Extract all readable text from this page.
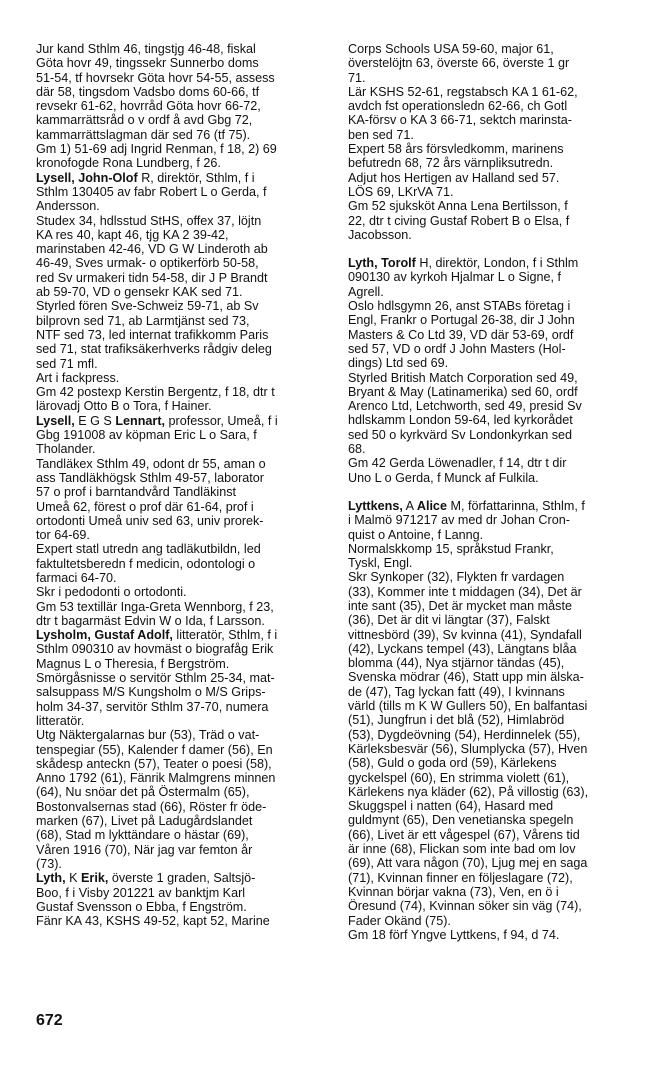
Jur kand Sthlm 46, tingstjg 46-48, fiskal
Göta hovr 49, tingssekr Sunnerbo doms
51-54, tf hovrsekr Göta hovr 54-55, assess
där 58, tingsdom Vadsbo doms 60-66, tf
revsekr 61-62, hovrråd Göta hovr 66-72,
kammarrättsråd o v ordf å avd Gbg 72,
kammarrättslagman där sed 76 (tf 75).
Gm 1) 51-69 adj Ingrid Renman, f 18, 2) 69
kronofogde Rona Lundberg, f 26.
Lysell, John-Olof R, direktör, Sthlm, f i
Sthlm 130405 av fabr Robert L o Gerda, f
Andersson.
Studex 34, hdlsstud StHS, offex 37, löjtn
KA res 40, kapt 46, tjg KA 2 39-42,
marinstaben 42-46, VD G W Linderoth ab
46-49, Sves urmak- o optikerförb 50-58,
red Sv urmakeri tidn 54-58, dir J P Brandt
ab 59-70, VD o gensekr KAK sed 71.
Styrled fören Sve-Schweiz 59-71, ab Sv
bilprovn sed 71, ab Larmtjänst sed 73,
NTF sed 73, led internat trafikkomm Paris
sed 71, stat trafiksäkerhverks rådgiv deleg
sed 71 mfl.
Art i fackpress.
Gm 42 postexp Kerstin Bergentz, f 18, dtr t
lärovadj Otto B o Tora, f Hainer.
Lysell, E G S Lennart, professor, Umeå, f i
Gbg 191008 av köpman Eric L o Sara, f
Tholander.
Tandläkex Sthlm 49, odont dr 55, aman o
ass Tandläkhögsk Sthlm 49-57, laborator
57 o prof i barntandvård Tandläkinst
Umeå 62, förest o prof där 61-64, prof i
ortodonti Umeå univ sed 63, univ prorek-
tor 64-69.
Expert statl utredn ang tadläkutbildn, led
faktultetsberedn f medicin, odontologi o
farmaci 64-70.
Skr i pedodonti o ortodonti.
Gm 53 textillär Inga-Greta Wennborg, f 23,
dtr t bagarmäst Edvin W o Ida, f Larsson.
Lysholm, Gustaf Adolf, litteratör, Sthlm, f i
Sthlm 090310 av hovmäst o biografåg Erik
Magnus L o Theresia, f Bergström.
Smörgåsnisse o servitör Sthlm 25-34, mat-
salsuppass M/S Kungsholm o M/S Grips-
holm 34-37, servitör Sthlm 37-70, numera
litteratör.
Utg Näktergalarnas bur (53), Träd o vat-
tenspegiar (55), Kalender f damer (56), En
skådesp anteckn (57), Teater o poesi (58),
Anno 1792 (61), Fänrik Malmgrens minnen
(64), Nu snöar det på Östermalm (65),
Bostonvalsernas stad (66), Röster fr öde-
marken (67), Livet på Ladugårdslandet
(68), Stad m lykttändare o hästar (69),
Våren 1916 (70), När jag var femton år
(73).
Lyth, K Erik, överste 1 graden, Saltsjö-
Boo, f i Visby 201221 av banktjm Karl
Gustaf Svensson o Ebba, f Engström.
Fänr KA 43, KSHS 49-52, kapt 52, Marine
Corps Schools USA 59-60, major 61,
överstelöjtn 63, överste 66, överste 1 gr
71.
Lär KSHS 52-61, regstabsch KA 1 61-62,
avdch fst operationsledn 62-66, ch Gotl
KA-försv o KA 3 66-71, sektch marinsta-
ben sed 71.
Expert 58 års försvledkomm, marinens
befutredn 68, 72 års värnpliksutredn.
Adjut hos Hertigen av Halland sed 57.
LÖS 69, LKrVA 71.
Gm 52 sjuksköt Anna Lena Bertilsson, f
22, dtr t civing Gustaf Robert B o Elsa, f
Jacobsson.
Lyth, Torolf H, direktör, London, f i Sthlm
090130 av kyrkoh Hjalmar L o Signe, f
Agrell.
Oslo hdlsgymn 26, anst STABs företag i
Engl, Frankr o Portugal 26-38, dir J John
Masters & Co Ltd 39, VD där 53-69, ordf
sed 57, VD o ordf J John Masters (Hol-
dings) Ltd sed 69.
Styrled British Match Corporation sed 49,
Bryant & May (Latinamerika) sed 60, ordf
Arenco Ltd, Letchworth, sed 49, presid Sv
hdlskamm London 59-64, led kyrkorådet
sed 50 o kyrkvärd Sv Londonkyrkan sed
68.
Gm 42 Gerda Löwenadler, f 14, dtr t dir
Uno L o Gerda, f Munck af Fulkila.
Lyttkens, A Alice M, författarinna, Sthlm, f
i Malmö 971217 av med dr Johan Cron-
quist o Antoine, f Lanng.
Normalskkomp 15, språkstud Frankr,
Tyskl, Engl.
Skr Synkoper (32), Flykten fr vardagen
(33), Kommer inte t middagen (34), Det är
inte sant (35), Det är mycket man måste
(36), Det är dit vi längtar (37), Falskt
vittnesbörd (39), Sv kvinna (41), Syndafall
(42), Lyckans tempel (43), Längtans blåa
blomma (44), Nya stjärnor tändas (45),
Svenska mödrar (46), Statt upp min älska-
de (47), Tag lyckan fatt (49), I kvinnans
värld (tills m K W Gullers 50), En balfantasi
(51), Jungfrun i det blå (52), Himlabröd
(53), Dygdeövning (54), Herdinnelek (55),
Kärleksbesvär (56), Slumplycka (57), Hven
(58), Guld o goda ord (59), Kärlekens
gyckelspel (60), En strimma violett (61),
Kärlekens nya kläder (62), På villostig (63),
Skuggspel i natten (64), Hasard med
guldmynt (65), Den venetianska spegeln
(66), Livet är ett vågespel (67), Vårens tid
är inne (68), Flickan som inte bad om lov
(69), Att vara någon (70), Ljug mej en saga
(71), Kvinnan finner en följeslagare (72),
Kvinnan börjar vakna (73), Ven, en ö i
Öresund (74), Kvinnan söker sin väg (74),
Fader Okänd (75).
Gm 18 förf Yngve Lyttkens, f 94, d 74.
672
